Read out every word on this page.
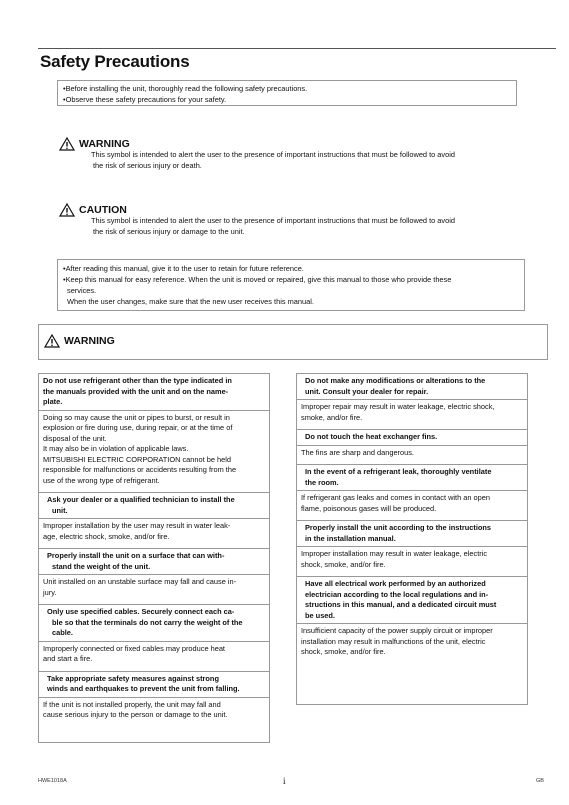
Safety Precautions
•Before installing the unit, thoroughly read the following safety precautions.
•Observe these safety precautions for your safety.
WARNING
This symbol is intended to alert the user to the presence of important instructions that must be followed to avoid
the risk of serious injury or death.
CAUTION
This symbol is intended to alert the user to the presence of important instructions that must be followed to avoid
the risk of serious injury or damage to the unit.
•After reading this manual, give it to the user to retain for future reference.
•Keep this manual for easy reference. When the unit is moved or repaired, give this manual to those who provide these
services.
When the user changes, make sure that the new user receives this manual.
WARNING
Do not use refrigerant other than the type indicated in
the manuals provided with the unit and on the name-
plate.
Doing so may cause the unit or pipes to burst, or result in
explosion or fire during use, during repair, or at the time of
disposal of the unit.
It may also be in violation of applicable laws.
MITSUBISHI ELECTRIC CORPORATION cannot be held
responsible for malfunctions or accidents resulting from the
use of the wrong type of refrigerant.
Ask your dealer or a qualified technician to install the
unit.
Improper installation by the user may result in water leak-
age, electric shock, smoke, and/or fire.
Properly install the unit on a surface that can with-
stand the weight of the unit.
Unit installed on an unstable surface may fall and cause in-
jury.
Only use specified cables. Securely connect each ca-
ble so that the terminals do not carry the weight of the
cable.
Improperly connected or fixed cables may produce heat
and start a fire.
Take appropriate safety measures against strong
winds and earthquakes to prevent the unit from falling.
If the unit is not installed properly, the unit may fall and
cause serious injury to the person or damage to the unit.
Do not make any modifications or alterations to the
unit. Consult your dealer for repair.
Improper repair may result in water leakage, electric shock,
smoke, and/or fire.
Do not touch the heat exchanger fins.
The fins are sharp and dangerous.
In the event of a refrigerant leak, thoroughly ventilate
the room.
If refrigerant gas leaks and comes in contact with an open
flame, poisonous gases will be produced.
Properly install the unit according to the instructions
in the installation manual.
Improper installation may result in water leakage, electric
shock, smoke, and/or fire.
Have all electrical work performed by an authorized
electrician according to the local regulations and in-
structions in this manual, and a dedicated circuit must
be used.
Insufficient capacity of the power supply circuit or improper
installation may result in malfunctions of the unit, electric
shock, smoke, and/or fire.
HWE1018A	i	GB
